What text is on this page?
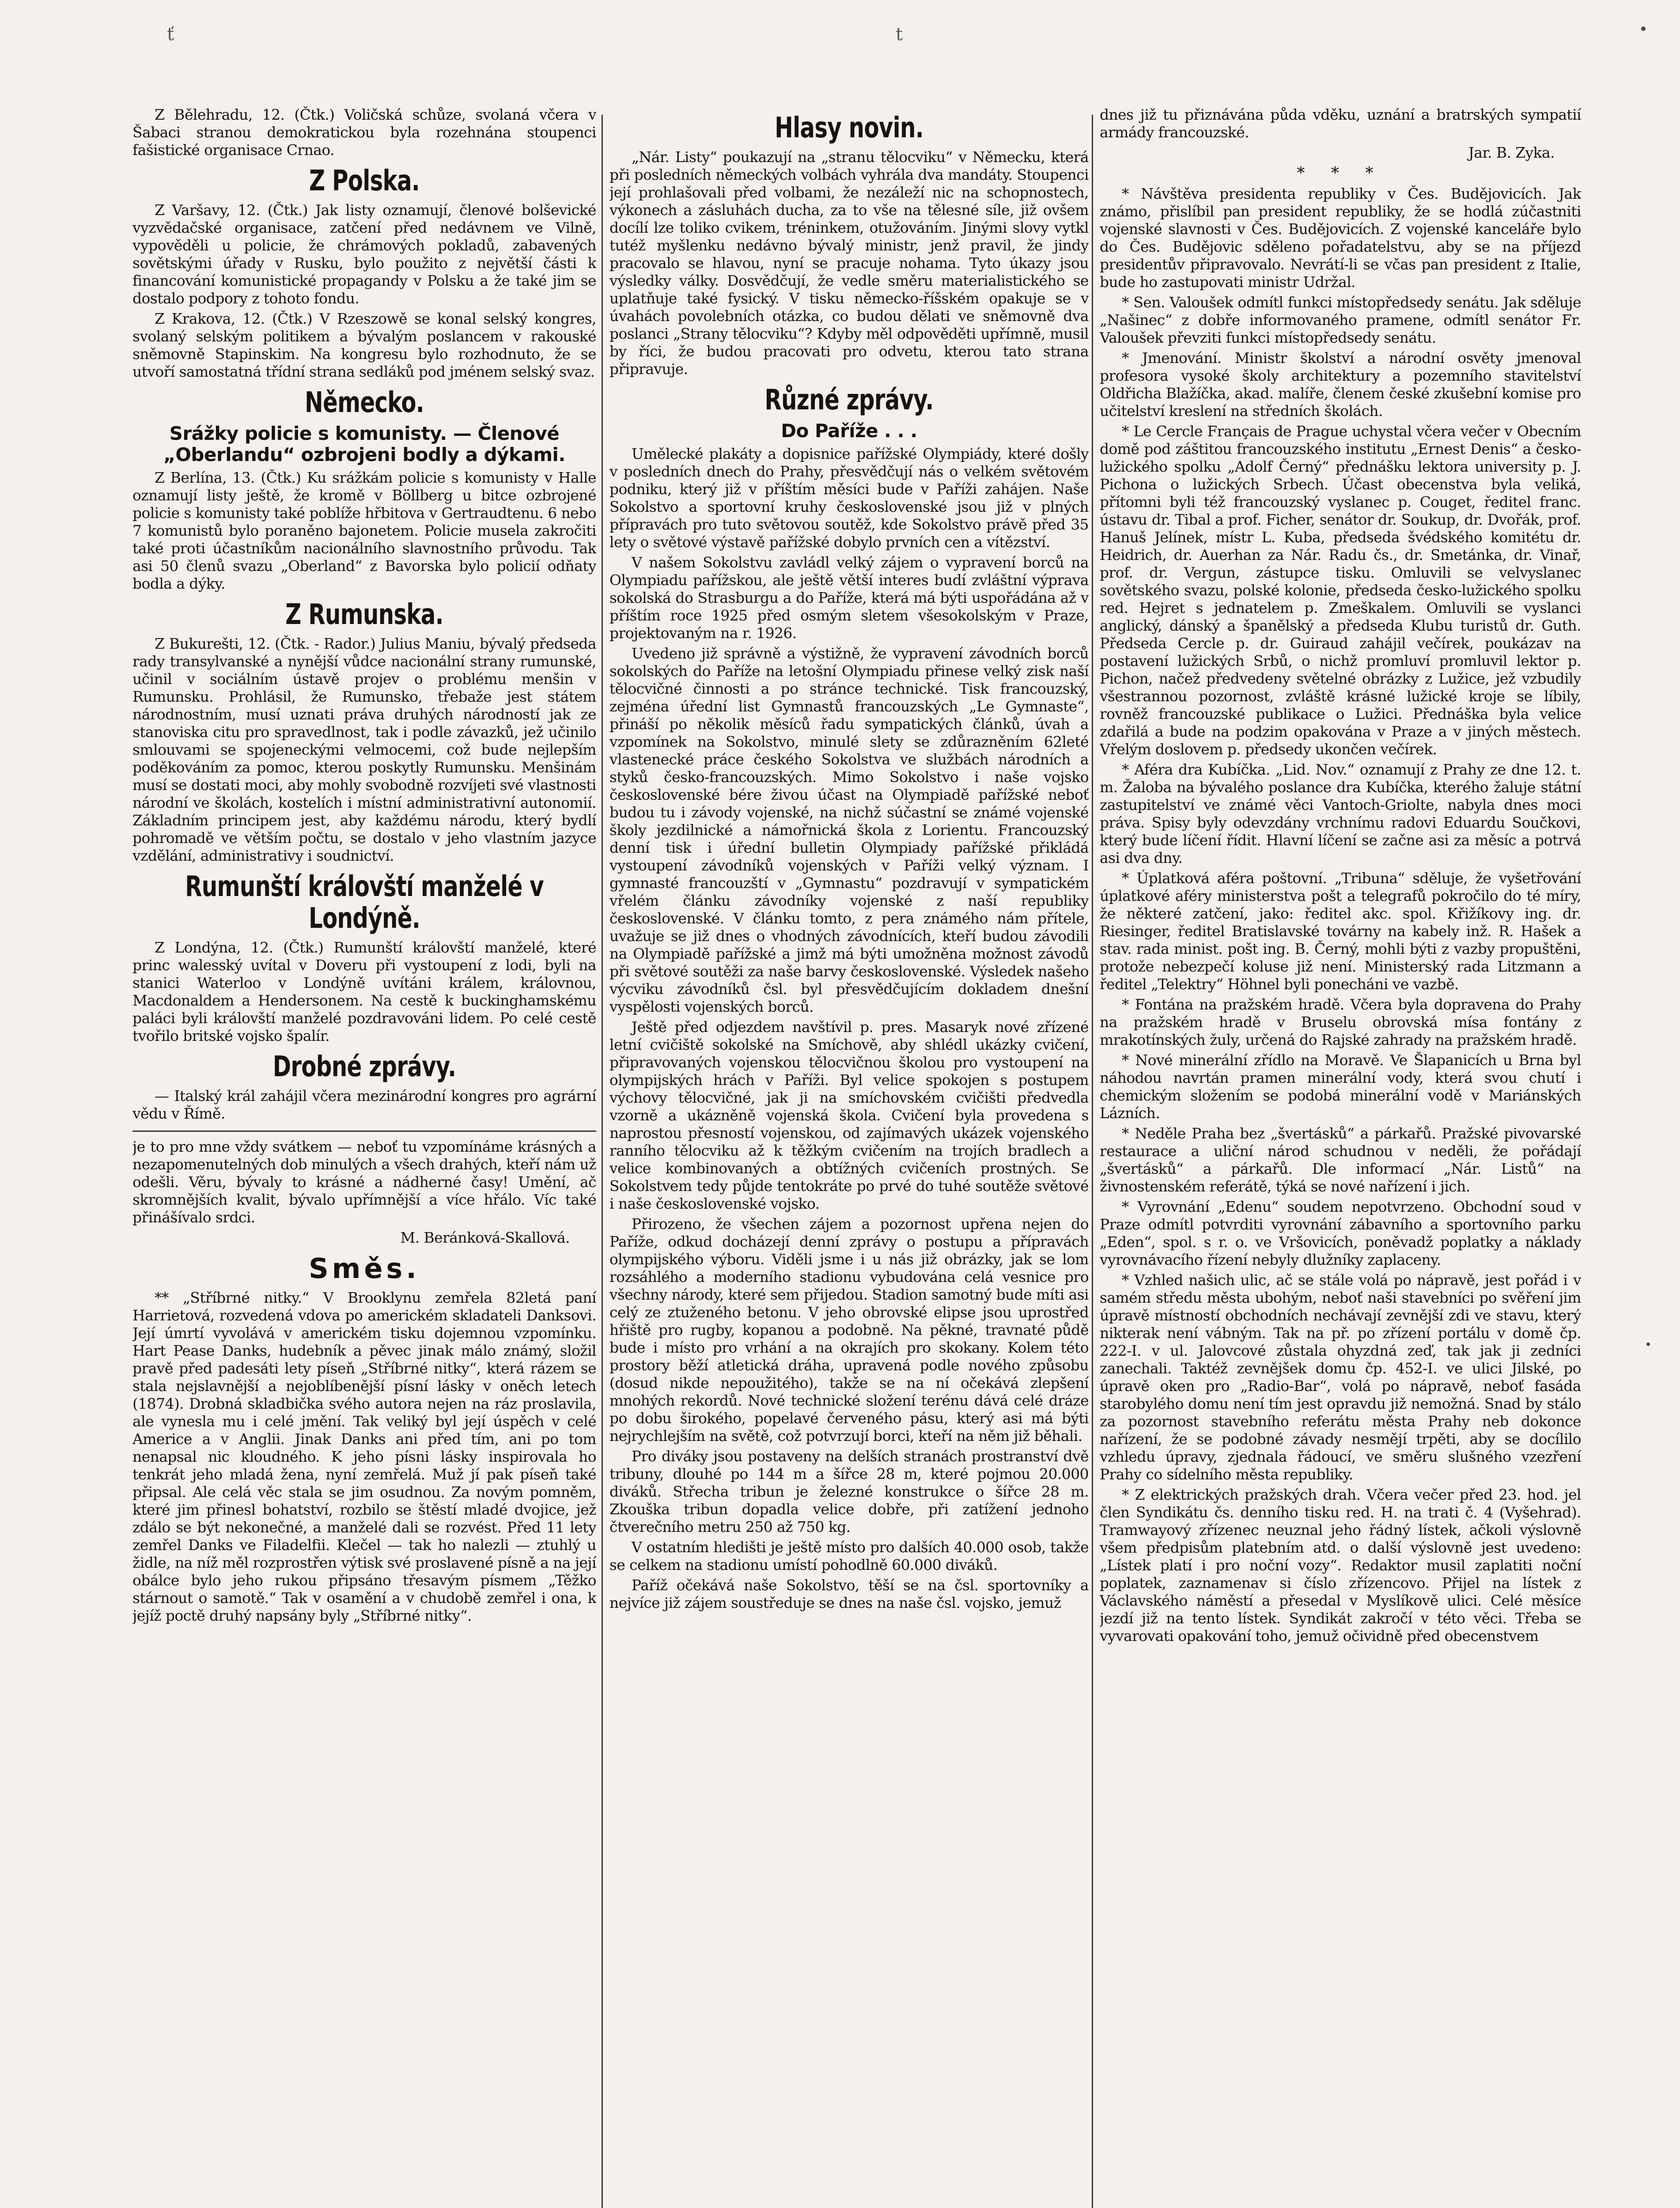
ť	t

Z Bělehradu, 12. (Čtk.) Voličská schůze, svolaná včera v Šabaci stranou demokratickou byla rozehnána stoupenci fašistické organisace Crnao.

Z Polska.

Z Varšavy, 12. (Čtk.) Jak listy oznamují, členové bolševické vyzvědačské organisace, zatčení před nedávnem ve Vilně, vypověděli u policie, že chrámových pokladů, zabavených sovětskými úřady v Rusku, bylo použito z největší části k financování komunistické propagandy v Polsku a že také jim se dostalo podpory z tohoto fondu.

Z Krakova, 12. (Čtk.) V Rzeszowě se konal selský kongres, svolaný selským politikem a bývalým poslancem v rakouské sněmovně Stapinskim. Na kongresu bylo rozhodnuto, že se utvoří samostatná třídní strana sedláků pod jménem selský svaz.

Německo.
Srážky policie s komunisty. — Členové „Oberlandu“ ozbrojeni bodly a dýkami.

Z Berlína, 13. (Čtk.) Ku srážkám policie s komunisty v Halle oznamují listy ještě, že kromě v Böllberg u bitce ozbrojené policie s komunisty také poblíže hřbitova v Gertraudtenu. 6 nebo 7 komunistů bylo poraněno bajonetem. Policie musela zakročiti také proti účastníkům nacionálního slavnostního průvodu. Tak asi 50 členů svazu „Oberland“ z Bavorska bylo policií odňaty bodla a dýky.

Z Rumunska.

Z Bukurešti, 12. (Čtk. - Rador.) Julius Maniu, bývalý předseda rady transylvanské a nynější vůdce nacionální strany rumunské, učinil v sociálním ústavě projev o problému menšin v Rumunsku. Prohlásil, že Rumunsko, třebaže jest státem národnostním, musí uznati práva druhých národností jak ze stanoviska citu pro spravedlnost, tak i podle závazků, jež učinilo smlouvami se spojeneckými velmocemi, což bude nejlepším poděkováním za pomoc, kterou poskytly Rumunsku. Menšinám musí se dostati moci, aby mohly svobodně rozvíjeti své vlastnosti národní ve školách, kostelích i místní administrativní autonomií. Základním principem jest, aby každému národu, který bydlí pohromadě ve větším počtu, se dostalo v jeho vlastním jazyce vzdělání, administrativy i soudnictví.

Rumunští královští manželé v Londýně.

Z Londýna, 12. (Čtk.) Rumunští královští manželé, které princ walesský uvítal v Doveru při vystoupení z lodi, byli na stanici Waterloo v Londýně uvítáni králem, královnou, Macdonaldem a Hendersonem. Na cestě k buckinghamskému paláci byli královští manželé pozdravováni lidem. Po celé cestě tvořilo britské vojsko špalír.

Drobné zprávy.

— Italský král zahájil včera mezinárodní kongres pro agrární vědu v Římě.

je to pro mne vždy svátkem — neboť tu vzpomínáme krásných a nezapomenutelných dob minulých a všech drahých, kteří nám už odešli. Věru, bývaly to krásné a nádherné časy! Umění, ač skromnějších kvalit, bývalo upřímnější a více hřálo. Víc také přinášívalo srdci.

M. Beránková-Skallová.

Směs.

** „Stříbrné nitky.“ V Brooklynu zemřela 82letá paní Harrietová, rozvedená vdova po americkém skladateli Danksovi. Její úmrtí vyvolává v americkém tisku dojemnou vzpomínku. Hart Pease Danks, hudebník a pěvec jinak málo známý, složil pravě před padesáti lety píseň „Stříbrné nitky“, která rázem se stala nejslavnější a nejoblíbenější písní lásky v oněch letech (1874). Drobná skladbička svého autora nejen na ráz proslavila, ale vynesla mu i celé jmění. Tak veliký byl její úspěch v celé Americe a v Anglii. Jinak Danks ani před tím, ani po tom nenapsal nic kloudného. K jeho písni lásky inspirovala ho tenkrát jeho mladá žena, nyní zemřelá. Muž jí pak píseň také připsal. Ale celá věc stala se jim osudnou. Za novým pomněm, které jim přinesl bohatství, rozbilo se štěstí mladé dvojice, jež zdálo se být nekonečné, a manželé dali se rozvést. Před 11 lety zemřel Danks ve Filadelfii. Klečel — tak ho nalezli — ztuhlý u židle, na níž měl rozprostřen výtisk své proslavené písně a na její obálce bylo jeho rukou připsáno třesavým písmem „Těžko stárnout o samotě.“ Tak v osamění a v chudobě zemřel i ona, k jejíž poctě druhý napsány byly „Stříbrné nitky“.

Hlasy novin.

„Nár. Listy“ poukazují na „stranu tělocviku“ v Německu, která při posledních německých volbách vyhrála dva mandáty. Stoupenci její prohlašovali před volbami, že nezáleží nic na schopnostech, výkonech a zásluhách ducha, za to vše na tělesné síle, již ovšem docílí lze toliko cvikem, tréninkem, otužováním. Jinými slovy vytkl tutéž myšlenku nedávno bývalý ministr, jenž pravil, že jindy pracovalo se hlavou, nyní se pracuje nohama. Tyto úkazy jsou výsledky války. Dosvědčují, že vedle směru materialistického se uplatňuje také fysický. V tisku německo-říšském opakuje se v úvahách povolebních otázka, co budou dělati ve sněmovně dva poslanci „Strany tělocviku“? Kdyby měl odpověděti upřímně, musil by říci, že budou pracovati pro odvetu, kterou tato strana připravuje.

Různé zprávy.
Do Paříže . . .

Umělecké plakáty a dopisnice pařížské Olympiády, které došly v posledních dnech do Prahy, přesvědčují nás o velkém světovém podniku, který již v příštím měsíci bude v Paříži zahájen. Naše Sokolstvo a sportovní kruhy československé jsou již v plných přípravách pro tuto světovou soutěž, kde Sokolstvo právě před 35 lety o světové výstavě pařížské dobylo prvních cen a vítězství.

V našem Sokolstvu zavládl velký zájem o vypravení borců na Olympiadu pařížskou, ale ještě větší interes budí zvláštní výprava sokolská do Strasburgu a do Paříže, která má býti uspořádána až v příštím roce 1925 před osmým sletem všesokolským v Praze, projektovaným na r. 1926.

Uvedeno již správně a výstižně, že vypravení závodních borců sokolských do Paříže na letošní Olympiadu přinese velký zisk naší tělocvičné činnosti a po stránce technické. Tisk francouzský, zejména úřední list Gymnastů francouzských „Le Gymnaste“, přináší po několik měsíců řadu sympatických článků, úvah a vzpomínek na Sokolstvo, minulé slety se zdůrazněním 62leté vlastenecké práce českého Sokolstva ve službách národních a styků česko-francouzských. Mimo Sokolstvo i naše vojsko československé bére živou účast na Olympiadě pařížské neboť budou tu i závody vojenské, na nichž súčastní se známé vojenské školy jezdilnické a námořnická škola z Lorientu. Francouzský denní tisk i úřední bulletin Olympiady pařížské přikládá vystoupení závodníků vojenských v Paříži velký význam. I gymnasté francouzští v „Gymnastu“ pozdravují v sympatickém vřelém článku závodníky vojenské z naší republiky československé. V článku tomto, z pera známého nám přítele, uvažuje se již dnes o vhodných závodnících, kteří budou závodili na Olympiadě pařížské a jimž má býti umožněna možnost závodů při světové soutěži za naše barvy československé. Výsledek našeho výcviku závodníků čsl. byl přesvědčujícím dokladem dnešní vyspělosti vojenských borců.

Ještě před odjezdem navštívil p. pres. Masaryk nové zřízené letní cvičiště sokolské na Smíchově, aby shlédl ukázky cvičení, připravovaných vojenskou tělocvičnou školou pro vystoupení na olympijských hrách v Paříži. Byl velice spokojen s postupem výchovy tělocvičné, jak ji na smíchovském cvičišti předvedla vzorně a ukázněně vojenská škola. Cvičení byla provedena s naprostou přesností vojenskou, od zajímavých ukázek vojenského ranního tělocviku až k těžkým cvičením na trojích bradlech a velice kombinovaných a obtížných cvičeních prostných. Se Sokolstvem tedy půjde tentokráte po prvé do tuhé soutěže světové i naše československé vojsko.

Přirozeno, že všechen zájem a pozornost upřena nejen do Paříže, odkud docházejí denní zprávy o postupu a přípravách olympijského výboru. Viděli jsme i u nás již obrázky, jak se lom rozsáhlého a moderního stadionu vybudována celá vesnice pro všechny národy, které sem přijedou. Stadion samotný bude míti asi celý ze ztuženého betonu. V jeho obrovské elipse jsou uprostřed hřiště pro rugby, kopanou a podobně. Na pěkné, travnaté půdě bude i místo pro vrhání a na okrajích pro skokany. Kolem této prostory běží atletická dráha, upravená podle nového způsobu (dosud nikde nepoužitého), takže se na ní očekává zlepšení mnohých rekordů. Nové technické složení terénu dává celé dráze po dobu širokého, popelavé červeného pásu, který asi má býti nejrychlejším na světě, což potvrzují borci, kteří na něm již běhali.

Pro diváky jsou postaveny na delších stranách prostranství dvě tribuny, dlouhé po 144 m a šířce 28 m, které pojmou 20.000 diváků. Střecha tribun je železné konstrukce o šířce 28 m. Zkouška tribun dopadla velice dobře, při zatížení jednoho čtverečního metru 250 až 750 kg.

V ostatním hledišti je ještě místo pro dalších 40.000 osob, takže se celkem na stadionu umístí pohodlně 60.000 diváků.

Paříž očekává naše Sokolstvo, těší se na čsl. sportovníky a nejvíce již zájem soustředuje se dnes na naše čsl. vojsko, jemuž

dnes již tu přiznávána půda vděku, uznání a bratrských sympatií armády francouzské.

Jar. B. Zyka.

* * *

* Návštěva presidenta republiky v Čes. Budějovicích. Jak známo, přislíbil pan president republiky, že se hodlá zúčastniti vojenské slavnosti v Čes. Budějovicích. Z vojenské kanceláře bylo do Čes. Budějovic sděleno pořadatelstvu, aby se na příjezd presidentův připravovalo. Nevrátí-li se včas pan president z Italie, bude ho zastupovati ministr Udržal.

* Sen. Valoušek odmítl funkci místopředsedy senátu. Jak sděluje „Našinec“ z dobře informovaného pramene, odmítl senátor Fr. Valoušek převziti funkci místopředsedy senátu.

* Jmenování. Ministr školství a národní osvěty jmenoval profesora vysoké školy architektury a pozemního stavitelství Oldřicha Blažíčka, akad. malíře, členem české zkušební komise pro učitelství kreslení na středních školách.

* Le Cercle Français de Prague uchystal včera večer v Obecním domě pod záštitou francouzského institutu „Ernest Denis“ a česko-lužického spolku „Adolf Černý“ přednášku lektora university p. J. Pichona o lužických Srbech. Účast obecenstva byla veliká, přítomni byli též francouzský vyslanec p. Couget, ředitel franc. ústavu dr. Tibal a prof. Ficher, senátor dr. Soukup, dr. Dvořák, prof. Hanuš Jelínek, místr L. Kuba, předseda švédského komitétu dr. Heidrich, dr. Auerhan za Nár. Radu čs., dr. Smetánka, dr. Vinař, prof. dr. Vergun, zástupce tisku. Omluvili se velvyslanec sovětského svazu, polské kolonie, předseda česko-lužického spolku red. Hejret s jednatelem p. Zmeškalem. Omluvili se vyslanci anglický, dánský a španělský a předseda Klubu turistů dr. Guth. Předseda Cercle p. dr. Guiraud zahájil večírek, poukázav na postavení lužických Srbů, o nichž promluví promluvil lektor p. Pichon, načež předvedeny světelné obrázky z Lužice, jež vzbudily všestrannou pozornost, zvláště krásné lužické kroje se líbily, rovněž francouzské publikace o Lužici. Přednáška byla velice zdařilá a bude na podzim opakována v Praze a v jiných městech. Vřelým doslovem p. předsedy ukončen večírek.

* Aféra dra Kubíčka. „Lid. Nov.“ oznamují z Prahy ze dne 12. t. m. Žaloba na bývalého poslance dra Kubíčka, kterého žaluje státní zastupitelství ve známé věci Vantoch-Griolte, nabyla dnes moci práva. Spisy byly odevzdány vrchnímu radovi Eduardu Součkovi, který bude líčení řídit. Hlavní líčení se začne asi za měsíc a potrvá asi dva dny.

* Úplatková aféra poštovní. „Tribuna“ sděluje, že vyšetřování úplatkové aféry ministerstva pošt a telegrafů pokročilo do té míry, že některé zatčení, jako: ředitel akc. spol. Křižíkovy ing. dr. Riesinger, ředitel Bratislavské továrny na kabely inž. R. Hašek a stav. rada minist. pošt ing. B. Černý, mohli býti z vazby propuštěni, protože nebezpečí koluse již není. Ministerský rada Litzmann a ředitel „Telektry“ Höhnel byli ponecháni ve vazbě.

* Fontána na pražském hradě. Včera byla dopravena do Prahy na pražském hradě v Bruselu obrovská mísa fontány z mrakotínských žuly, určená do Rajské zahrady na pražském hradě.

* Nové minerální zřídlo na Moravě. Ve Šlapanicích u Brna byl náhodou navrtán pramen minerální vody, která svou chutí i chemickým složením se podobá minerální vodě v Mariánských Lázních.

* Neděle Praha bez „švertásků“ a párkařů. Pražské pivovarské restaurace a uliční národ schudnou v neděli, že pořádají „švertásků“ a párkařů. Dle informací „Nár. Listů“ na živnostenském referátě, týká se nové nařízení i jich.

* Vyrovnání „Edenu“ soudem nepotvrzeno. Obchodní soud v Praze odmítl potvrditi vyrovnání zábavního a sportovního parku „Eden“, spol. s r. o. ve Vršovicích, poněvadž poplatky a náklady vyrovnávacího řízení nebyly dlužníky zaplaceny.

* Vzhled našich ulic, ač se stále volá po nápravě, jest pořád i v samém středu města ubohým, neboť naši stavebníci po svěření jim úpravě místností obchodních nechávají zevnější zdi ve stavu, který nikterak není vábným. Tak na př. po zřízení portálu v domě čp. 222-I. v ul. Jalovcové zůstala ohyzdná zeď, tak jak ji zedníci zanechali. Taktéž zevnějšek domu čp. 452-I. ve ulici Jilské, po úpravě oken pro „Radio-Bar“, volá po nápravě, neboť fasáda starobylého domu není tím jest opravdu již nemožná. Snad by stálo za pozornost stavebního referátu města Prahy neb dokonce nařízení, že se podobné závady nesmějí trpěti, aby se docílilo vzhledu úpravy, zjednala řádoucí, ve směru slušného vzezření Prahy co sídelního města republiky.

* Z elektrických pražských drah. Včera večer před 23. hod. jel člen Syndikátu čs. denního tisku red. H. na trati č. 4 (Vyšehrad). Tramwayový zřízenec neuznal jeho řádný lístek, ačkoli výslovně všem předpisům platebním atd. o další výslovně jest uvedeno: „Lístek platí i pro noční vozy“. Redaktor musil zaplatiti noční poplatek, zaznamenav si číslo zřízencovo. Přijel na lístek z Václavského náměstí a přesedal v Myslíkově ulici. Celé měsíce jezdí již na tento lístek. Syndikát zakročí v této věci. Třeba se vyvarovati opakování toho, jemuž očividně před obecenstvem
